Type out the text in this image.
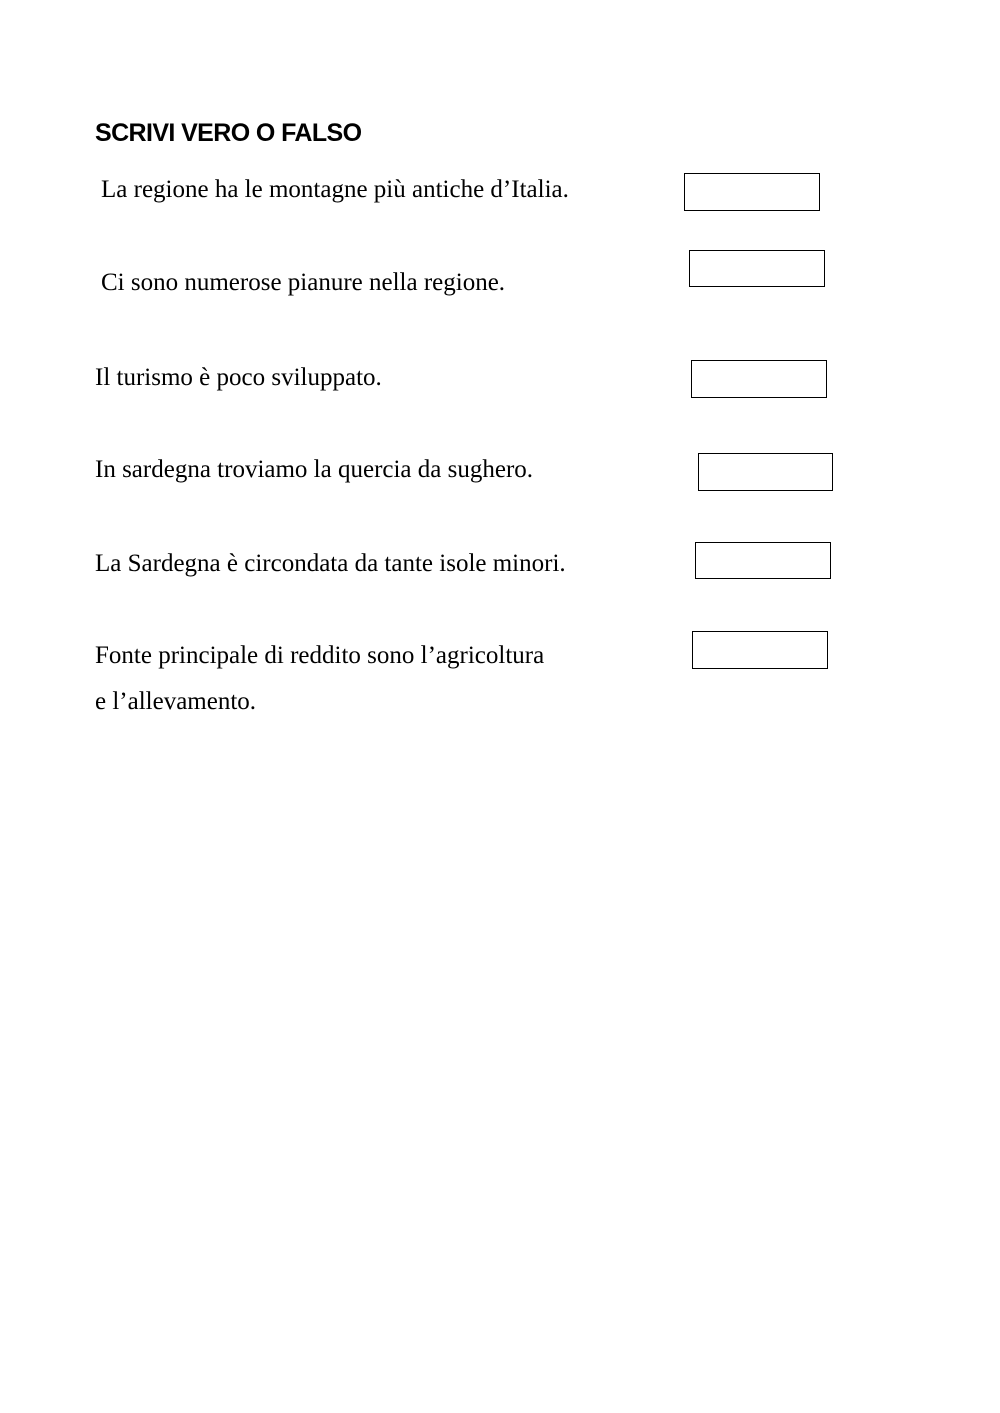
SCRIVI VERO O FALSO
La regione ha le montagne più antiche d’Italia.
Ci sono numerose pianure nella regione.
Il turismo è poco sviluppato.
In sardegna troviamo la quercia da sughero.
La Sardegna è circondata da tante isole minori.
Fonte principale di reddito sono l’agricoltura
e l’allevamento.
